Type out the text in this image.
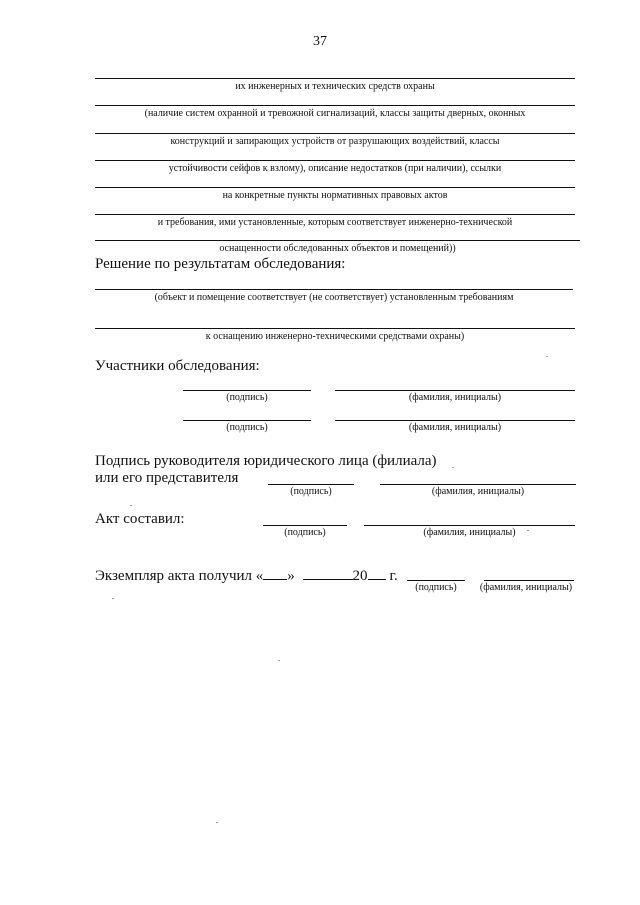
37
их инженерных и технических средств охраны
(наличие систем охранной и тревожной сигнализаций, классы защиты дверных, оконных
конструкций и запирающих устройств от разрушающих воздействий, классы
устойчивости сейфов к взлому), описание недостатков (при наличии), ссылки
на конкретные пункты нормативных правовых актов
и требования, ими установленные, которым соответствует инженерно-технической
оснащенности обследованных объектов и помещений))
Решение по результатам обследования:
(объект и помещение соответствует (не соответствует) установленным требованиям
к оснащению инженерно-техническими средствами охраны)
Участники обследования:
(подпись)	(фамилия, инициалы)
(подпись)	(фамилия, инициалы)
Подпись руководителя юридического лица (филиала)
или его представителя
(подпись)	(фамилия, инициалы)
Акт составил:
(подпись)	(фамилия, инициалы)
Экземпляр акта получил « »	20 г.
(подпись)	(фамилия, инициалы)
